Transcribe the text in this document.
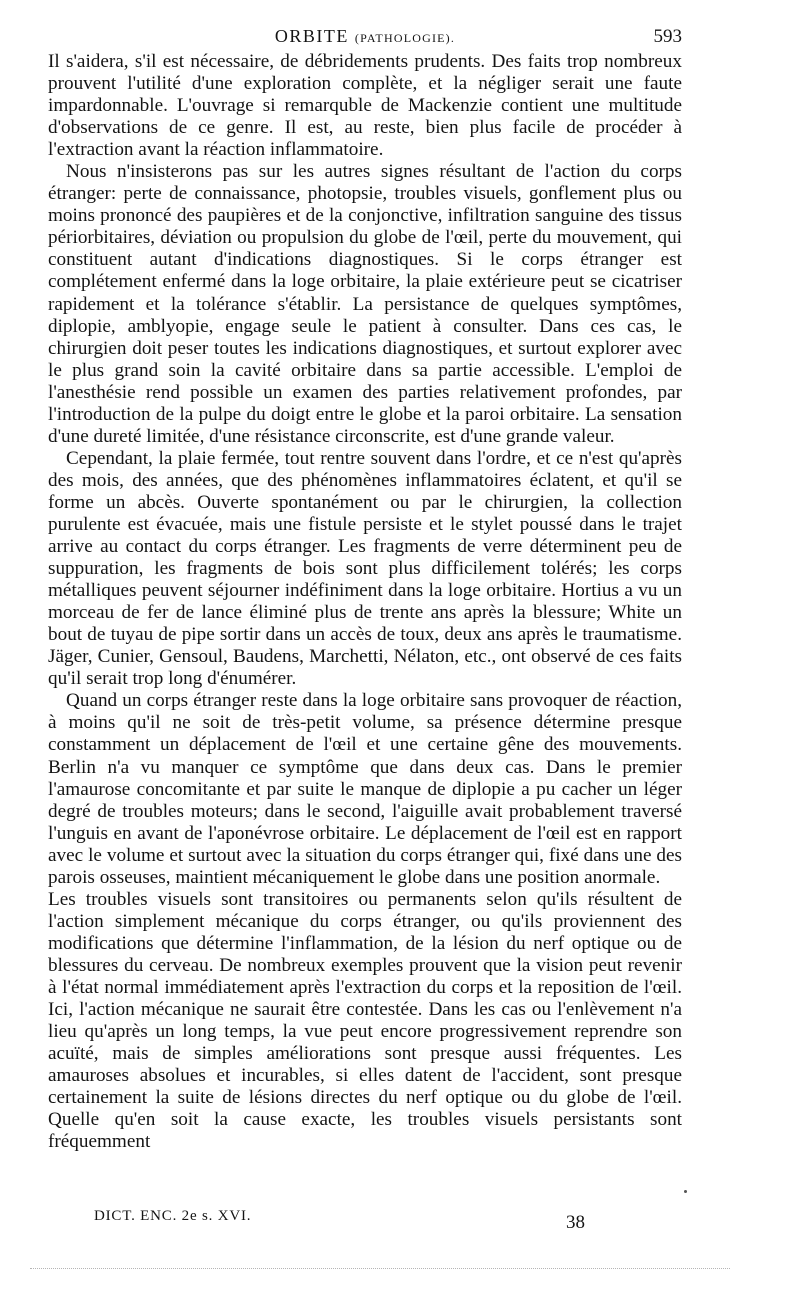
ORBITE (PATHOLOGIE).	593

Il s'aidera, s'il est nécessaire, de débridements prudents. Des faits trop nombreux prouvent l'utilité d'une exploration complète, et la négliger serait une faute impardonnable. L'ouvrage si remarquble de Mackenzie contient une multitude d'observations de ce genre. Il est, au reste, bien plus facile de procéder à l'extraction avant la réaction inflammatoire.

Nous n'insisterons pas sur les autres signes résultant de l'action du corps étranger: perte de connaissance, photopsie, troubles visuels, gonflement plus ou moins prononcé des paupières et de la conjonctive, infiltration sanguine des tissus périorbitaires, déviation ou propulsion du globe de l'œil, perte du mouvement, qui constituent autant d'indications diagnostiques. Si le corps étranger est complétement enfermé dans la loge orbitaire, la plaie extérieure peut se cicatriser rapidement et la tolérance s'établir. La persistance de quelques symptômes, diplopie, amblyopie, engage seule le patient à consulter. Dans ces cas, le chirurgien doit peser toutes les indications diagnostiques, et surtout explorer avec le plus grand soin la cavité orbitaire dans sa partie accessible. L'emploi de l'anesthésie rend possible un examen des parties relativement profondes, par l'introduction de la pulpe du doigt entre le globe et la paroi orbitaire. La sensation d'une dureté limitée, d'une résistance circonscrite, est d'une grande valeur.

Cependant, la plaie fermée, tout rentre souvent dans l'ordre, et ce n'est qu'après des mois, des années, que des phénomènes inflammatoires éclatent, et qu'il se forme un abcès. Ouverte spontanément ou par le chirurgien, la collection purulente est évacuée, mais une fistule persiste et le stylet poussé dans le trajet arrive au contact du corps étranger. Les fragments de verre déterminent peu de suppuration, les fragments de bois sont plus difficilement tolérés; les corps métalliques peuvent séjourner indéfiniment dans la loge orbitaire. Hortius a vu un morceau de fer de lance éliminé plus de trente ans après la blessure; White un bout de tuyau de pipe sortir dans un accès de toux, deux ans après le traumatisme. Jäger, Cunier, Gensoul, Baudens, Marchetti, Nélaton, etc., ont observé de ces faits qu'il serait trop long d'énumérer.

Quand un corps étranger reste dans la loge orbitaire sans provoquer de réaction, à moins qu'il ne soit de très-petit volume, sa présence détermine presque constamment un déplacement de l'œil et une certaine gêne des mouvements. Berlin n'a vu manquer ce symptôme que dans deux cas. Dans le premier l'amaurose concomitante et par suite le manque de diplopie a pu cacher un léger degré de troubles moteurs; dans le second, l'aiguille avait probablement traversé l'unguis en avant de l'aponévrose orbitaire. Le déplacement de l'œil est en rapport avec le volume et surtout avec la situation du corps étranger qui, fixé dans une des parois osseuses, maintient mécaniquement le globe dans une position anormale.

Les troubles visuels sont transitoires ou permanents selon qu'ils résultent de l'action simplement mécanique du corps étranger, ou qu'ils proviennent des modifications que détermine l'inflammation, de la lésion du nerf optique ou de blessures du cerveau. De nombreux exemples prouvent que la vision peut revenir à l'état normal immédiatement après l'extraction du corps et la reposition de l'œil. Ici, l'action mécanique ne saurait être contestée. Dans les cas ou l'enlèvement n'a lieu qu'après un long temps, la vue peut encore progressivement reprendre son acuïté, mais de simples améliorations sont presque aussi fréquentes. Les amauroses absolues et incurables, si elles datent de l'accident, sont presque certainement la suite de lésions directes du nerf optique ou du globe de l'œil. Quelle qu'en soit la cause exacte, les troubles visuels persistants sont fréquemment

DICT. ENC. 2e s. XVI.	38
